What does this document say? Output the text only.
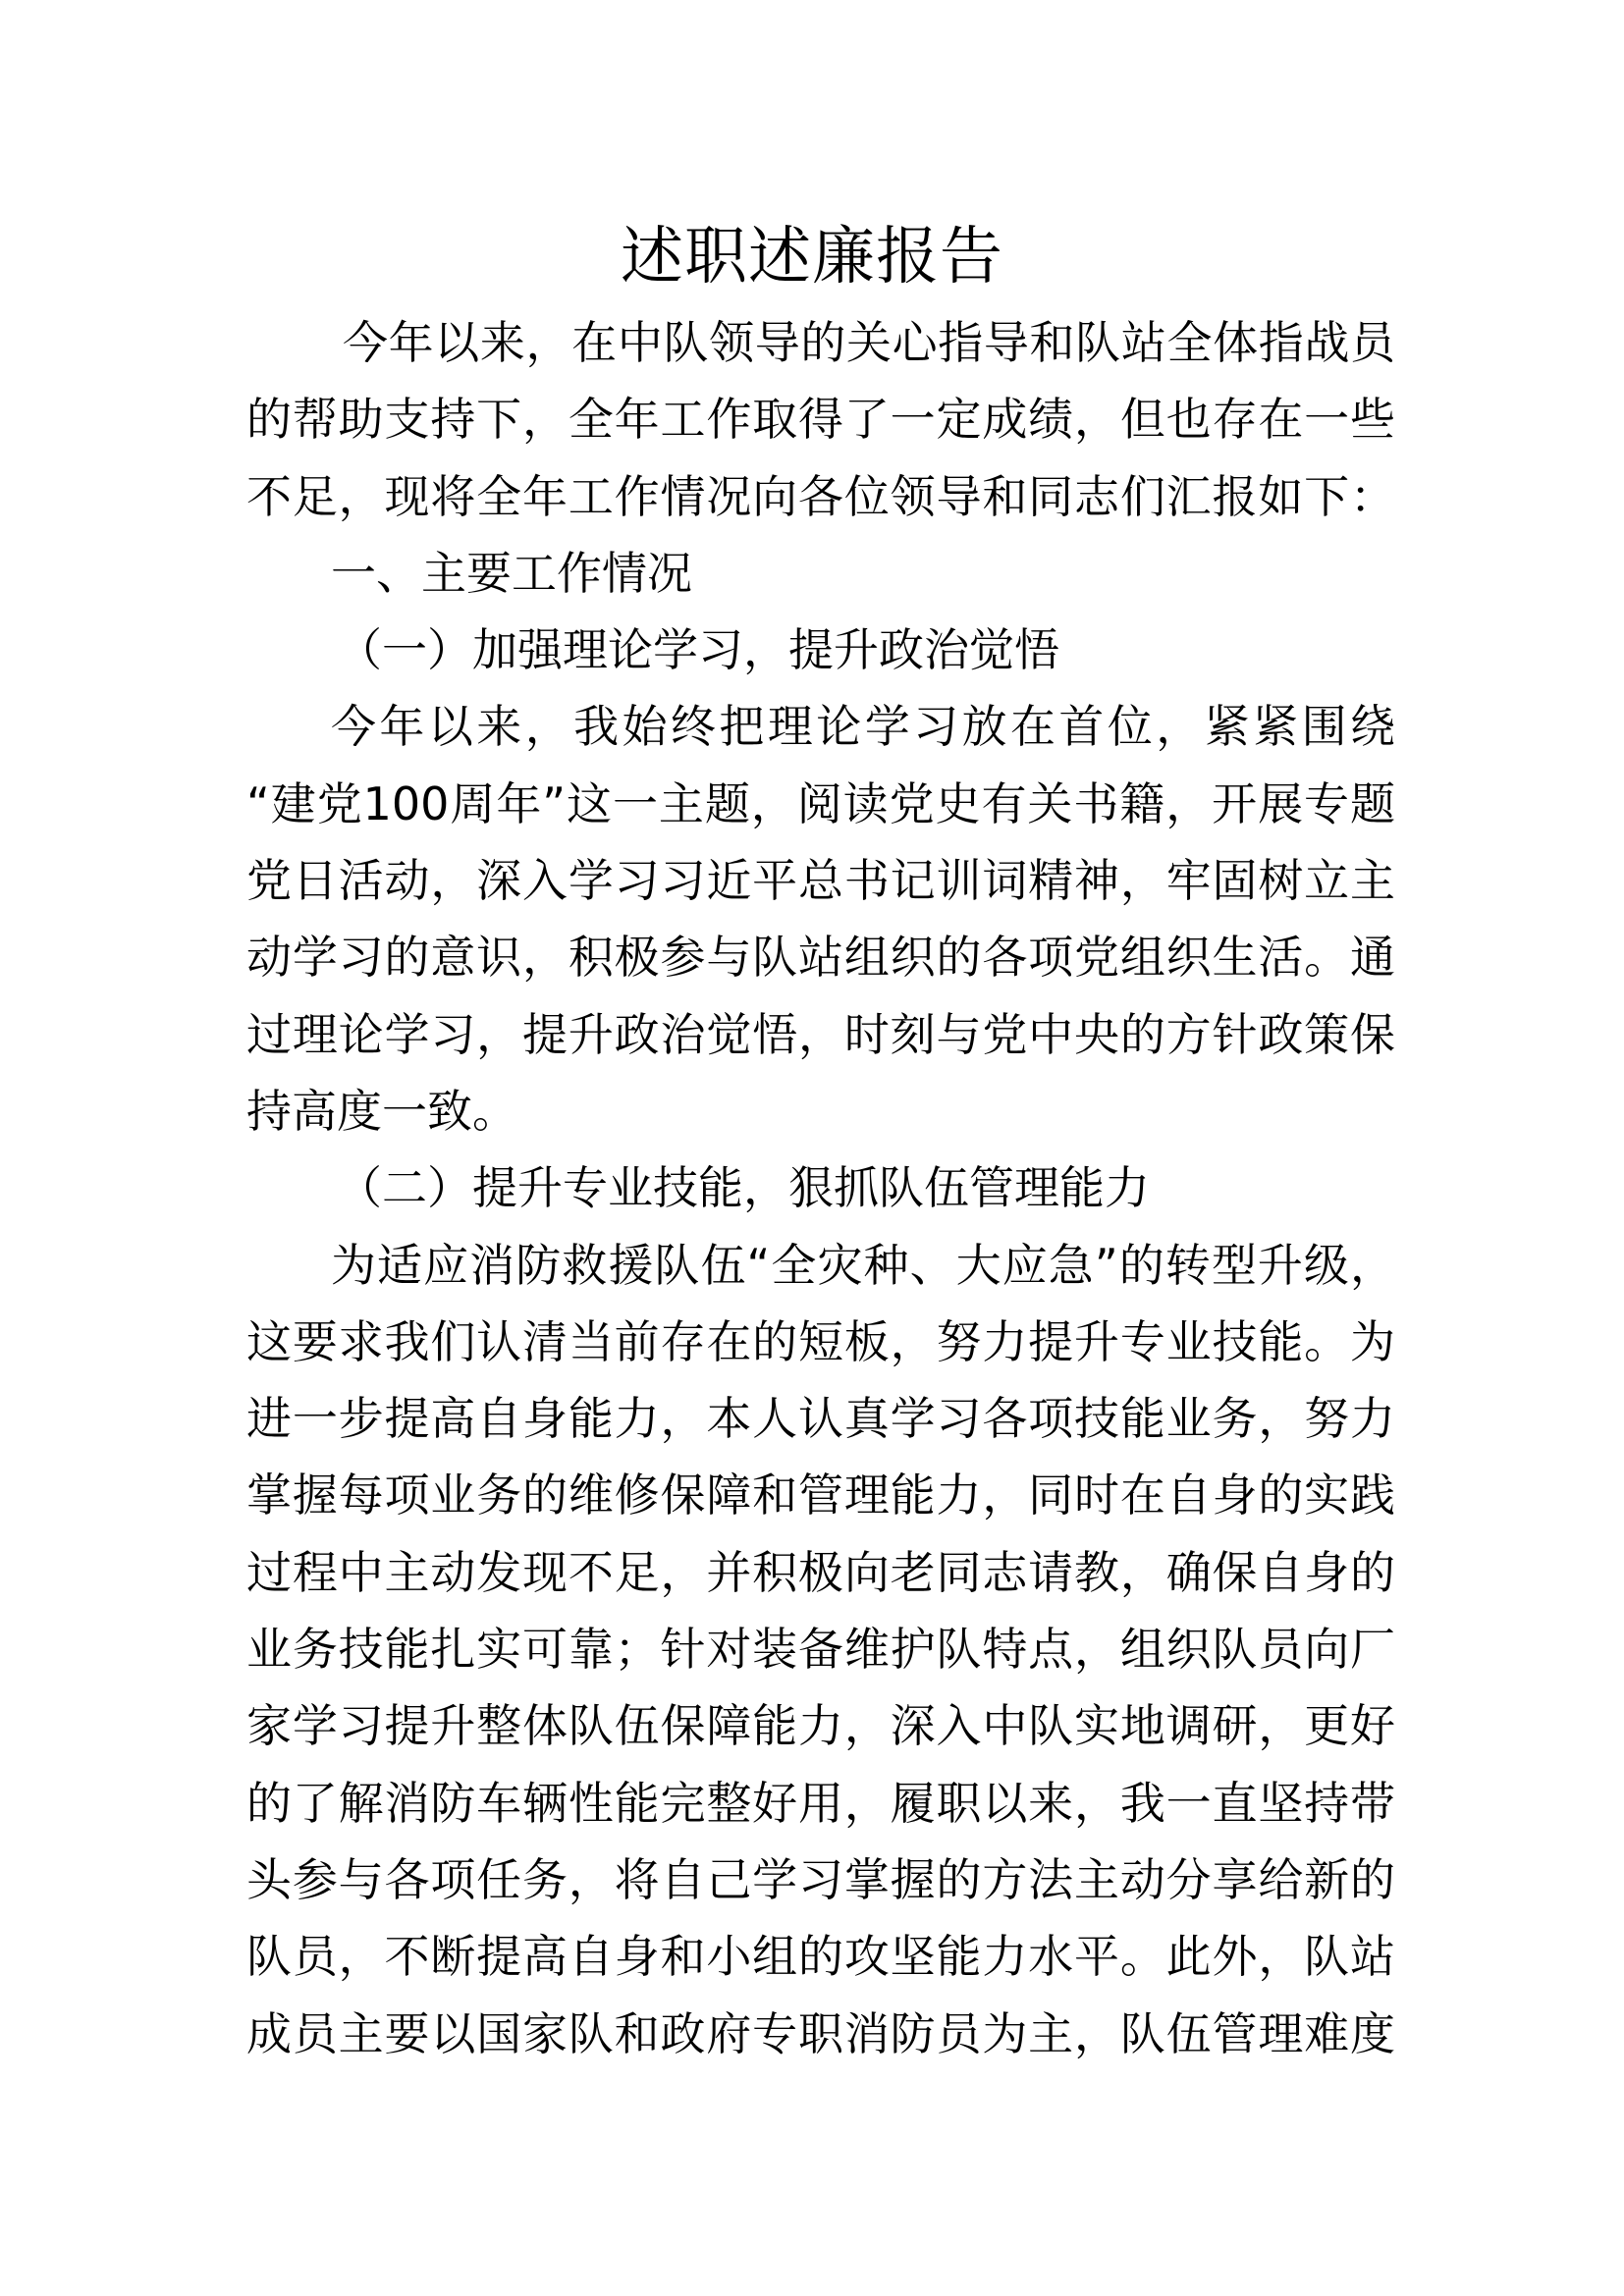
述职述廉报告
今年以来，在中队领导的关心指导和队站全体指战员
的帮助支持下，全年工作取得了一定成绩，但也存在一些
不足，现将全年工作情况向各位领导和同志们汇报如下：
一、主要工作情况
（一）加强理论学习，提升政治觉悟
今年以来，我始终把理论学习放在首位，紧紧围绕
“建党100周年”这一主题，阅读党史有关书籍，开展专题
党日活动，深入学习习近平总书记训词精神，牢固树立主
动学习的意识，积极参与队站组织的各项党组织生活。通
过理论学习，提升政治觉悟，时刻与党中央的方针政策保
持高度一致。
（二）提升专业技能，狠抓队伍管理能力
为适应消防救援队伍“全灾种、大应急”的转型升级，
这要求我们认清当前存在的短板，努力提升专业技能。为
进一步提高自身能力，本人认真学习各项技能业务，努力
掌握每项业务的维修保障和管理能力，同时在自身的实践
过程中主动发现不足，并积极向老同志请教，确保自身的
业务技能扎实可靠；针对装备维护队特点，组织队员向厂
家学习提升整体队伍保障能力，深入中队实地调研，更好
的了解消防车辆性能完整好用，履职以来，我一直坚持带
头参与各项任务，将自己学习掌握的方法主动分享给新的
队员，不断提高自身和小组的攻坚能力水平。此外，队站
成员主要以国家队和政府专职消防员为主，队伍管理难度
